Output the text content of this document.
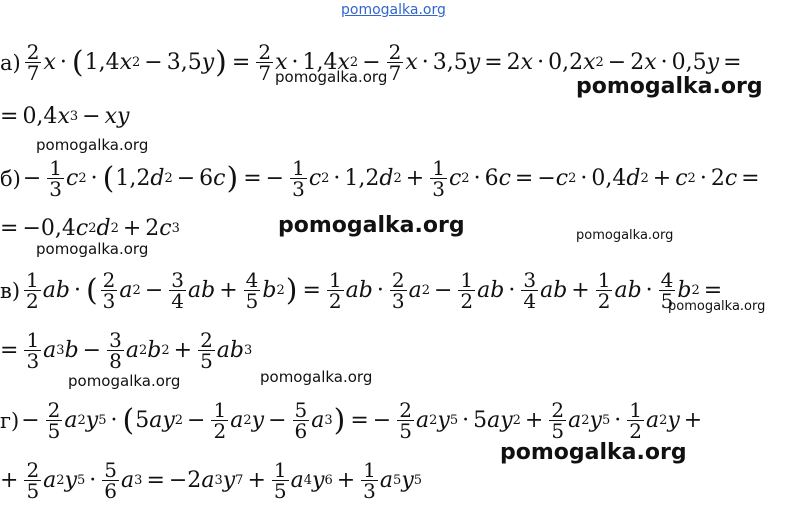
pomogalka.org
$а) \frac{2}{7}$ x · ( 1,4 x 2 − 3,5 y ) = $\frac{2}{7}$ x · 1,4 x $2 - \frac{2}{7}$ x · 3,5 y = 2 x · 0,2 x 2 − 2 x · 0,5 y =
= 0,4 x 3 − xy
$б) - \frac{1}{3}$ c 2 · ( 1,2 d 2 − 6 c ) = − $\frac{1}{3}$ c 2 · 1,2 d $2 + \frac{1}{3}$ c 2 · 6 c = − c 2 · 0,4 d 2 + c 2 · 2 c =
= − 0,4 c 2 d 2 + 2 c 3
$в) \frac{1}{2}$ ab · ( $\frac{2}{3}$ a $2 - \frac{3}{4}$ ab + $\frac{4}{5}$ b 2 ) = $\frac{1}{2}$ ab · $\frac{2}{3}$ a $2 - \frac{1}{2}$ ab · $\frac{3}{4}$ ab + $\frac{1}{2}$ ab · $\frac{4}{5}$ b 2 =
= $\frac{1}{3}$ a 3 $b - \frac{3}{8}$ a 2 b $2 + \frac{2}{5}$ ab 3
$г) - \frac{2}{5}$ a 2 y 5 · ( 5 ay $2 - \frac{1}{2}$ a 2 $y - \frac{5}{6}$ a 3 ) = − $\frac{2}{5}$ a 2 y 5 · 5 ay $2 + \frac{2}{5}$ a 2 y $5 \cdot \frac{1}{2}$ a 2 y +
+ $\frac{2}{5}$ a 2 y $5 \cdot \frac{5}{6}$ a 3 = −2 a 3 y $7 + \frac{1}{5}$ a 4 y $6 + \frac{1}{3}$ a 5 y 5
pomogalka.org	pomogalka.org
pomogalka.org
pomogalka.org	pomogalka.org
pomogalka.org
pomogalka.org
pomogalka.org	pomogalka.org
pomogalka.org
